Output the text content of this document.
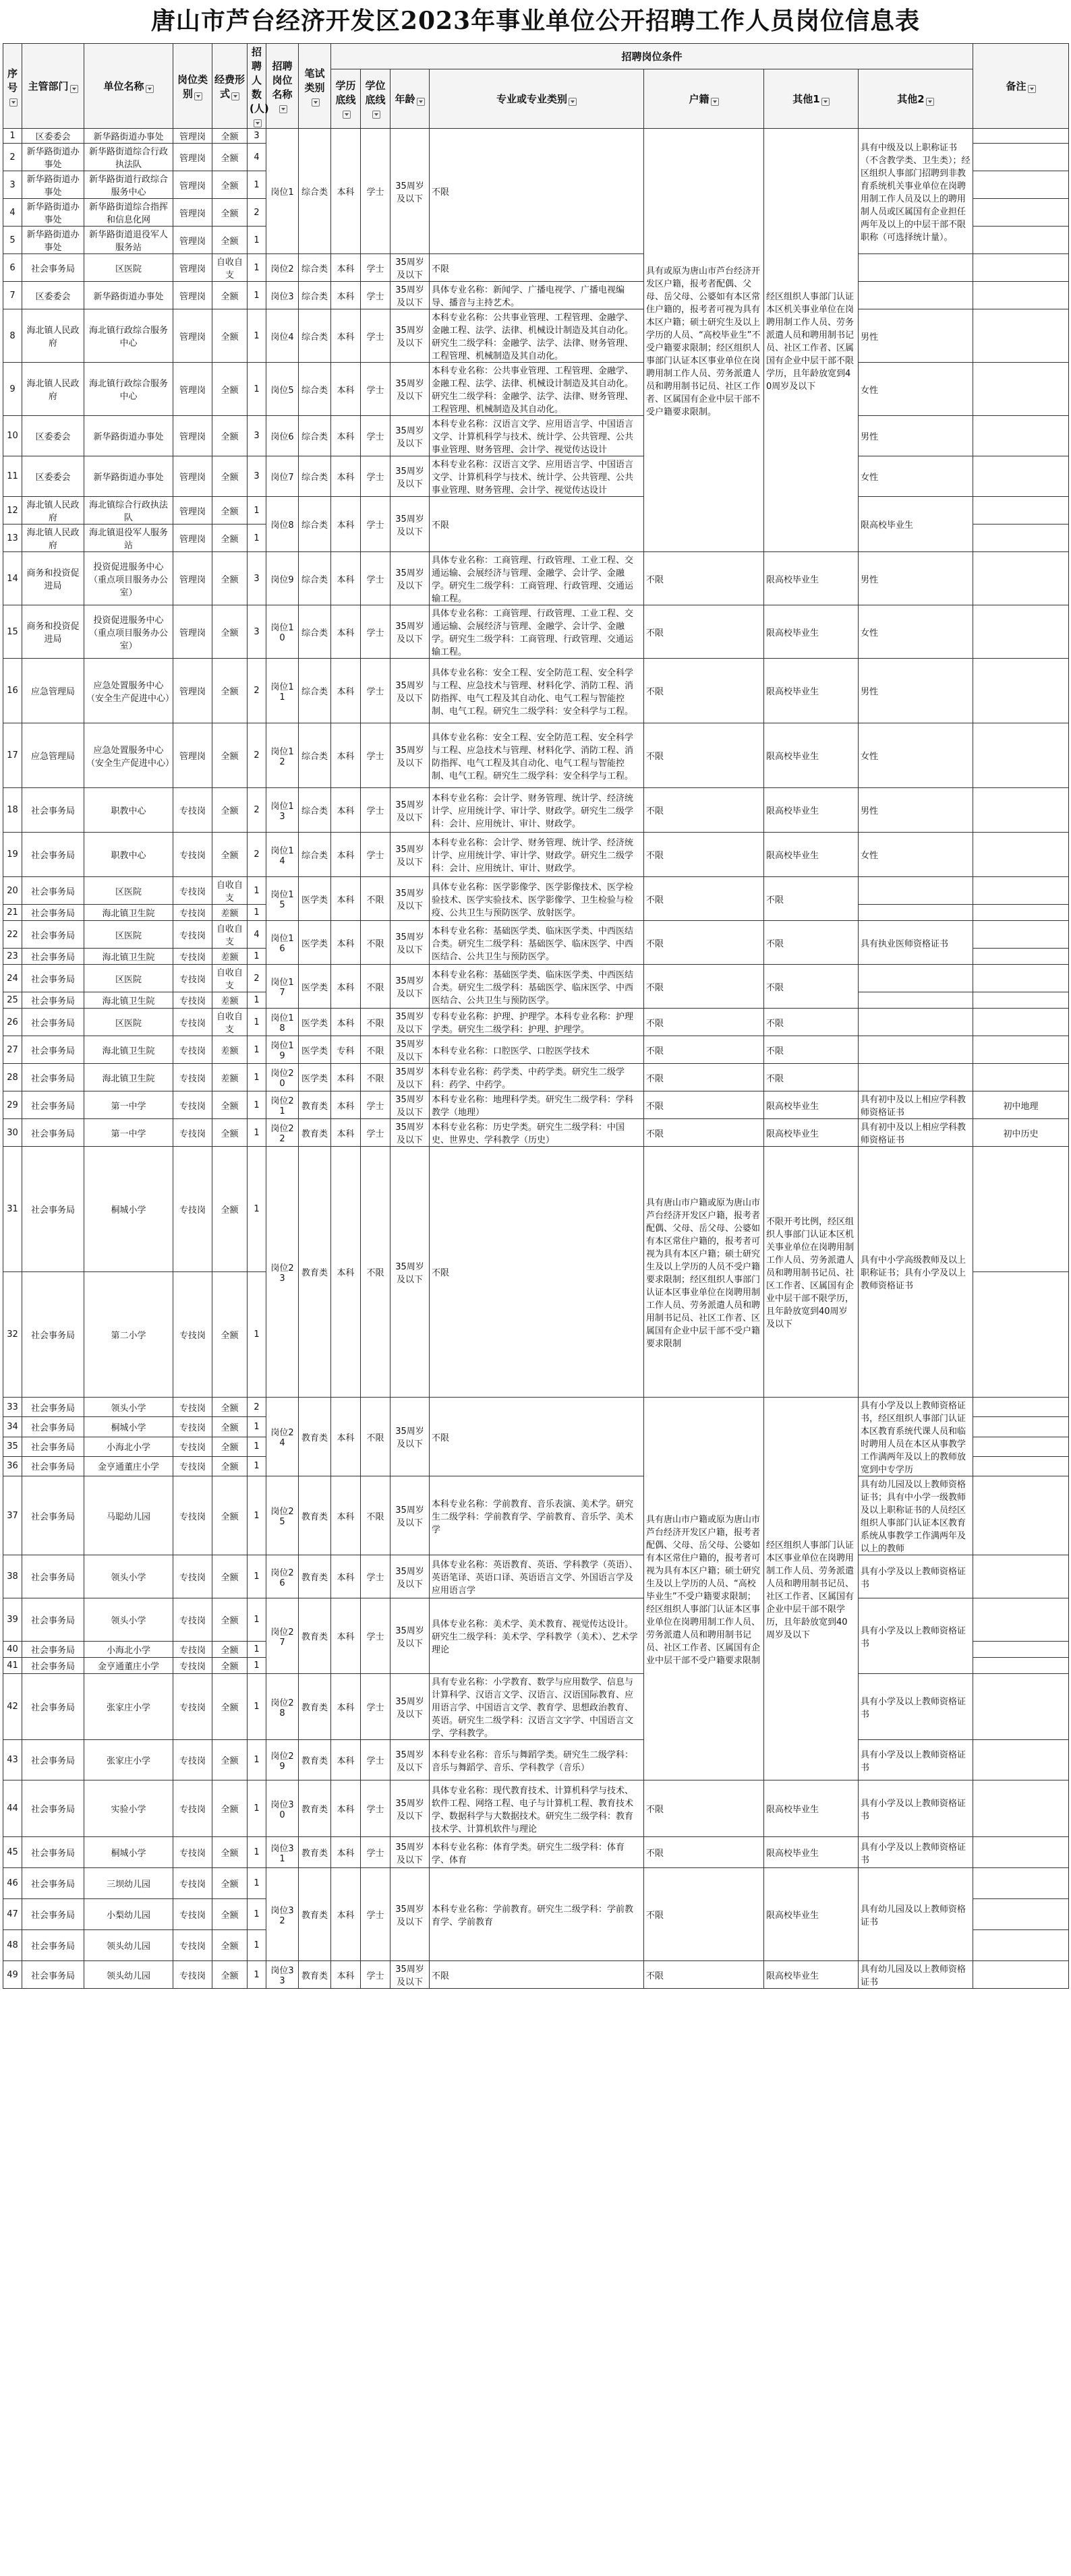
唐山市芦台经济开发区2023年事业单位公开招聘工作人员岗位信息表
序号	主管部门	单位名称	岗位类别	经费形式	招聘人数(人)	招聘岗位名称	笔试类别	招聘岗位条件							备注	
								学历底线	学位底线	年龄	专业或专业类别	户籍	其他1	其他2		
1	区委委会	新华路街道办事处	管理岗	全额	3	岗位1	综合类	本科	学士	35周岁及以下	不限	具有或原为唐山市芦台经济开发区户籍，报考者配偶、父母、岳父母、公婆如有本区常住户籍的，报考者可视为具有本区户籍；硕士研究生及以上学历的人员、“高校毕业生”不受户籍要求限制；经区组织人事部门认证本区事业单位在岗聘用制工作人员、劳务派遣人员和聘用制书记员、社区工作者、区属国有企业中层干部不受户籍要求限制。	经区组织人事部门认证本区机关事业单位在岗聘用制工作人员、劳务派遣人员和聘用制书记员、社区工作者、区属国有企业中层干部不限学历，且年龄放宽到40周岁及以下	具有中级及以上职称证书（不含教学类、卫生类）；经区组织人事部门招聘到非教育系统机关事业单位在岗聘用制工作人员及以上的聘用制人员或区属国有企业担任两年及以上的中层干部不限职称（可选择统计量）。		
2	新华路街道办事处	新华路街道综合行政执法队	管理岗	全额	4											
3	新华路街道办事处	新华路街道行政综合服务中心	管理岗	全额	1											
4	新华路街道办事处	新华路街道综合指挥和信息化网	管理岗	全额	2											
5	新华路街道办事处	新华路街道退役军人服务站	管理岗	全额	1											
6	社会事务局	区医院	管理岗	自收自支	1	岗位2	综合类	本科	学士	35周岁及以下	不限					
7	区委委会	新华路街道办事处	管理岗	全额	1	岗位3	综合类	本科	学士	35周岁及以下	具体专业名称：新闻学、广播电视学、广播电视编导、播音与主持艺术。					
8	海北镇人民政府	海北镇行政综合服务中心	管理岗	全额	1	岗位4	综合类	本科	学士	35周岁及以下	本科专业名称：公共事业管理、工程管理、金融学、金融工程、法学、法律、机械设计制造及其自动化。研究生二级学科：金融学、法学、法律、财务管理、工程管理、机械制造及其自动化。			男性		
9	海北镇人民政府	海北镇行政综合服务中心	管理岗	全额	1	岗位5	综合类	本科	学士	35周岁及以下	本科专业名称：公共事业管理、工程管理、金融学、金融工程、法学、法律、机械设计制造及其自动化。研究生二级学科：金融学、法学、法律、财务管理、工程管理、机械制造及其自动化。			女性		
10	区委委会	新华路街道办事处	管理岗	全额	3	岗位6	综合类	本科	学士	35周岁及以下	本科专业名称：汉语言文学、应用语言学、中国语言文学、计算机科学与技术、统计学、公共管理、公共事业管理、财务管理、会计学、视觉传达设计			男性		
11	区委委会	新华路街道办事处	管理岗	全额	3	岗位7	综合类	本科	学士	35周岁及以下	本科专业名称：汉语言文学、应用语言学、中国语言文学、计算机科学与技术、统计学、公共管理、公共事业管理、财务管理、会计学、视觉传达设计			女性		
12	海北镇人民政府	海北镇综合行政执法队	管理岗	全额	1	岗位8	综合类	本科	学士	35周岁及以下	不限			限高校毕业生		
13	海北镇人民政府	海北镇退役军人服务站	管理岗	全额	1											
14	商务和投资促进局	投资促进服务中心（重点项目服务办公室）	管理岗	全额	3	岗位9	综合类	本科	学士	35周岁及以下	具体专业名称：工商管理、行政管理、工业工程、交通运输、会展经济与管理、金融学、会计学、金融学。研究生二级学科：工商管理、行政管理、交通运输工程。	不限	限高校毕业生	男性		
15	商务和投资促进局	投资促进服务中心（重点项目服务办公室）	管理岗	全额	3	岗位10	综合类	本科	学士	35周岁及以下	具体专业名称：工商管理、行政管理、工业工程、交通运输、会展经济与管理、金融学、会计学、金融学。研究生二级学科：工商管理、行政管理、交通运输工程。	不限	限高校毕业生	女性		
16	应急管理局	应急处置服务中心（安全生产促进中心）	管理岗	全额	2	岗位11	综合类	本科	学士	35周岁及以下	具体专业名称：安全工程、安全防范工程、安全科学与工程、应急技术与管理、材料化学、消防工程、消防指挥、电气工程及其自动化、电气工程与智能控制、电气工程。研究生二级学科：安全科学与工程。	不限	限高校毕业生	男性		
17	应急管理局	应急处置服务中心（安全生产促进中心）	管理岗	全额	2	岗位12	综合类	本科	学士	35周岁及以下	具体专业名称：安全工程、安全防范工程、安全科学与工程、应急技术与管理、材料化学、消防工程、消防指挥、电气工程及其自动化、电气工程与智能控制、电气工程。研究生二级学科：安全科学与工程。	不限	限高校毕业生	女性		
18	社会事务局	职教中心	专技岗	全额	2	岗位13	综合类	本科	学士	35周岁及以下	本科专业名称：会计学、财务管理、统计学、经济统计学、应用统计学、审计学、财政学。研究生二级学科：会计、应用统计、审计、财政学。	不限	限高校毕业生	男性		
19	社会事务局	职教中心	专技岗	全额	2	岗位14	综合类	本科	学士	35周岁及以下	本科专业名称：会计学、财务管理、统计学、经济统计学、应用统计学、审计学、财政学。研究生二级学科：会计、应用统计、审计、财政学。	不限	限高校毕业生	女性		
20	社会事务局	区医院	专技岗	自收自支	1	岗位15	医学类	本科	不限	35周岁及以下	具体专业名称：医学影像学、医学影像技术、医学检验技术、医学实验技术、医学影像学、卫生检验与检疫、公共卫生与预防医学、放射医学。	不限	不限			
21	社会事务局	海北镇卫生院	专技岗	差额	1											
22	社会事务局	区医院	专技岗	自收自支	4	岗位16	医学类	本科	不限	35周岁及以下	本科专业名称：基础医学类、临床医学类、中西医结合类。研究生二级学科：基础医学、临床医学、中西医结合、公共卫生与预防医学。	不限	不限	具有执业医师资格证书		
23	社会事务局	海北镇卫生院	专技岗	差额	1											
24	社会事务局	区医院	专技岗	自收自支	2	岗位17	医学类	本科	不限	35周岁及以下	本科专业名称：基础医学类、临床医学类、中西医结合类。研究生二级学科：基础医学、临床医学、中西医结合、公共卫生与预防医学。	不限	不限			
25	社会事务局	海北镇卫生院	专技岗	差额	1											
26	社会事务局	区医院	专技岗	自收自支	1	岗位18	医学类	本科	不限	35周岁及以下	专科专业名称：护理、护理学。本科专业名称：护理学类。研究生二级学科：护理、护理学。	不限	不限			
27	社会事务局	海北镇卫生院	专技岗	差额	1	岗位19	医学类	专科	不限	35周岁及以下	本科专业名称：口腔医学、口腔医学技术	不限	不限			
28	社会事务局	海北镇卫生院	专技岗	差额	1	岗位20	医学类	本科	不限	35周岁及以下	本科专业名称：药学类、中药学类。研究生二级学科：药学、中药学。	不限	不限			
29	社会事务局	第一中学	专技岗	全额	1	岗位21	教育类	本科	学士	35周岁及以下	本科专业名称：地理科学类。研究生二级学科：学科教学（地理）	不限	限高校毕业生	具有初中及以上相应学科教师资格证书	初中地理	
30	社会事务局	第一中学	专技岗	全额	1	岗位22	教育类	本科	学士	35周岁及以下	本科专业名称：历史学类。研究生二级学科：中国史、世界史、学科教学（历史）	不限	限高校毕业生	具有初中及以上相应学科教师资格证书	初中历史	
31	社会事务局	桐城小学	专技岗	全额	1	岗位23	教育类	本科	不限	35周岁及以下	不限	具有唐山市户籍或原为唐山市芦台经济开发区户籍，报考者配偶、父母、岳父母、公婆如有本区常住户籍的，报考者可视为具有本区户籍；硕士研究生及以上学历的人员不受户籍要求限制；经区组织人事部门认证本区事业单位在岗聘用制工作人员、劳务派遣人员和聘用制书记员、社区工作者、区属国有企业中层干部不受户籍要求限制	不限开考比例，经区组织人事部门认证本区机关事业单位在岗聘用制工作人员、劳务派遣人员和聘用制书记员、社区工作者、区属国有企业中层干部不限学历，且年龄放宽到40周岁及以下	具有中小学高级教师及以上职称证书；具有小学及以上教师资格证书		
32	社会事务局	第二小学	专技岗	全额	1											
33	社会事务局	领头小学	专技岗	全额	2	岗位24	教育类	本科	不限	35周岁及以下	不限	具有唐山市户籍或原为唐山市芦台经济开发区户籍，报考者配偶、父母、岳父母、公婆如有本区常住户籍的，报考者可视为具有本区户籍；硕士研究生及以上学历的人员、“高校毕业生”不受户籍要求限制；经区组织人事部门认证本区事业单位在岗聘用制工作人员、劳务派遣人员和聘用制书记员、社区工作者、区属国有企业中层干部不受户籍要求限制	经区组织人事部门认证本区事业单位在岗聘用制工作人员、劳务派遣人员和聘用制书记员、社区工作者、区属国有企业中层干部不限学历，且年龄放宽到40周岁及以下	具有小学及以上教师资格证书，经区组织人事部门认证本区教育系统代课人员和临时聘用人员在本区从事教学工作满两年及以上的教师放宽到中专学历		
34	社会事务局	桐城小学	专技岗	全额	1											
35	社会事务局	小海北小学	专技岗	全额	1											
36	社会事务局	金亨通董庄小学	专技岗	全额	1											
37	社会事务局	马聪幼儿园	专技岗	全额	1	岗位25	教育类	本科	不限	35周岁及以下	本科专业名称：学前教育、音乐表演、美术学。研究生二级学科：学前教育学、学前教育、音乐学、美术学			具有幼儿园及以上教师资格证书；具有中小学一级教师及以上职称证书的人员经区组织人事部门认证本区教育系统从事教学工作满两年及以上的教师		
38	社会事务局	领头小学	专技岗	全额	1	岗位26	教育类	本科	学士	35周岁及以下	具体专业名称：英语教育、英语、学科教学（英语）、英语笔译、英语口译、英语语言文学、外国语言学及应用语言学			具有小学及以上教师资格证书		
39	社会事务局	领头小学	专技岗	全额	1	岗位27	教育类	本科	学士	35周岁及以下	具体专业名称：美术学、美术教育、视觉传达设计。研究生二级学科：美术学、学科教学（美术）、艺术学理论			具有小学及以上教师资格证书		
40	社会事务局	小海北小学	专技岗	全额	1											
41	社会事务局	金亨通董庄小学	专技岗	全额	1											
42	社会事务局	张家庄小学	专技岗	全额	1	岗位28	教育类	本科	学士	35周岁及以下	具有专业名称：小学教育、数学与应用数学、信息与计算科学、汉语言文学、汉语言、汉语国际教育、应用语言学、中国语言文学、教育学、思想政治教育、英语。研究生二级学科：汉语言文字学、中国语言文学、学科教学。			具有小学及以上教师资格证书		
43	社会事务局	张家庄小学	专技岗	全额	1	岗位29	教育类	本科	学士	35周岁及以下	本科专业名称：音乐与舞蹈学类。研究生二级学科：音乐与舞蹈学、音乐、学科教学（音乐）			具有小学及以上教师资格证书		
44	社会事务局	实验小学	专技岗	全额	1	岗位30	教育类	本科	学士	35周岁及以下	具体专业名称：现代教育技术、计算机科学与技术、软件工程、网络工程、电子与计算机工程、教育技术学、数据科学与大数据技术。研究生二级学科：教育技术学、计算机软件与理论	不限	限高校毕业生	具有小学及以上教师资格证书		
45	社会事务局	桐城小学	专技岗	全额	1	岗位31	教育类	本科	学士	35周岁及以下	本科专业名称：体育学类。研究生二级学科：体育学、体育	不限	限高校毕业生	具有小学及以上教师资格证书		
46	社会事务局	三坝幼儿园	专技岗	全额	1	岗位32	教育类	本科	学士	35周岁及以下	本科专业名称：学前教育。研究生二级学科：学前教育学、学前教育	不限	限高校毕业生	具有幼儿园及以上教师资格证书		
47	社会事务局	小梨幼儿园	专技岗	全额	1											
48	社会事务局	领头幼儿园	专技岗	全额	1											
49	社会事务局	领头幼儿园	专技岗	全额	1	岗位33	教育类	本科	学士	35周岁及以下	不限	不限	限高校毕业生	具有幼儿园及以上教师资格证书		
